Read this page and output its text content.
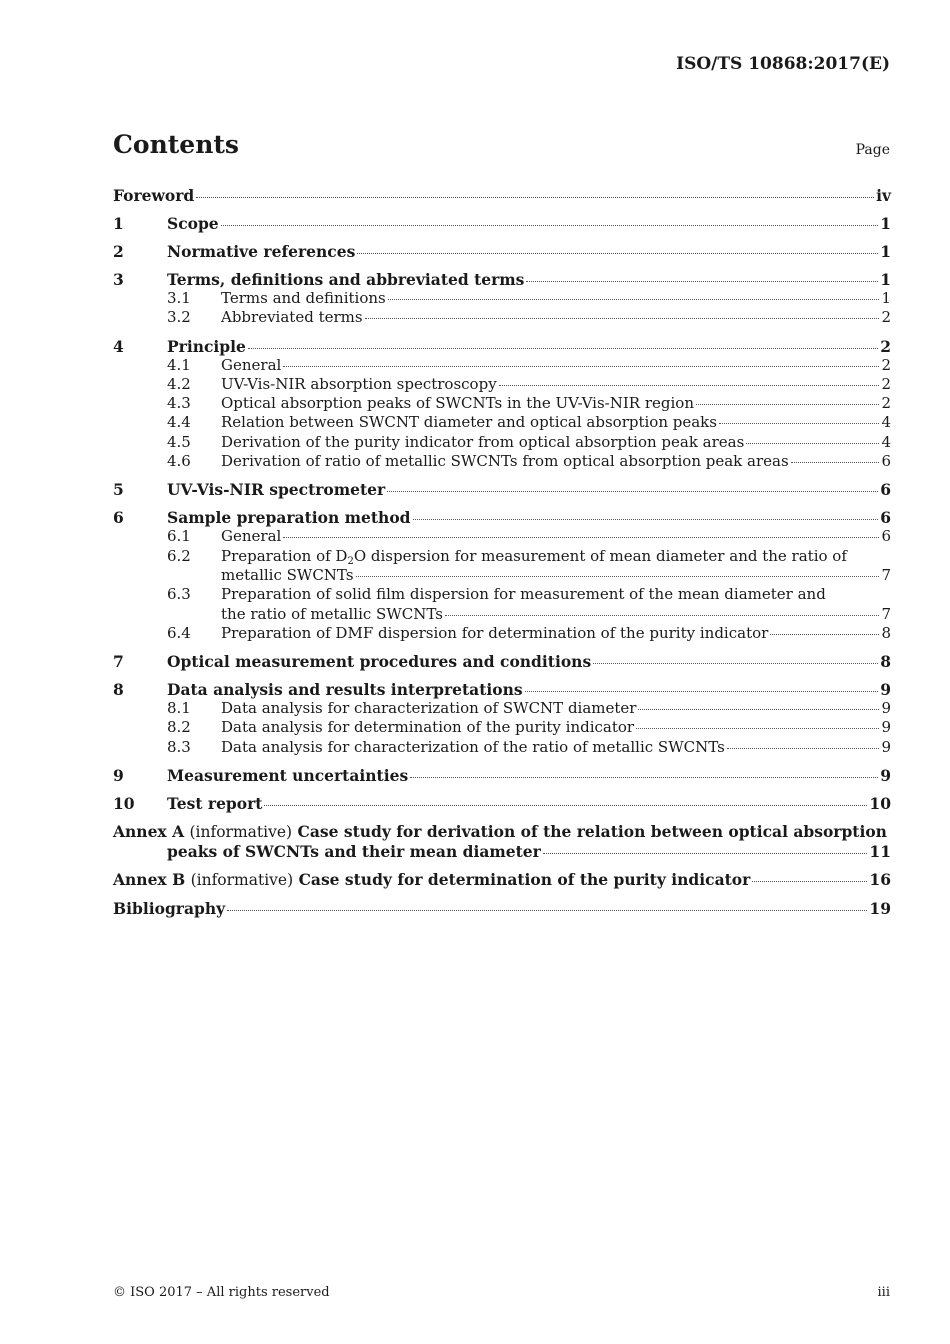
ISO/TS 10868:2017(E)
Contents	Page
Foreword	iv
1	Scope	1
2	Normative references	1
3	Terms, definitions and abbreviated terms	1
3.1	Terms and definitions	1
3.2	Abbreviated terms	2
4	Principle	2
4.1	General	2
4.2	UV-Vis-NIR absorption spectroscopy	2
4.3	Optical absorption peaks of SWCNTs in the UV-Vis-NIR region	2
4.4	Relation between SWCNT diameter and optical absorption peaks	4
4.5	Derivation of the purity indicator from optical absorption peak areas	4
4.6	Derivation of ratio of metallic SWCNTs from optical absorption peak areas	6
5	UV-Vis-NIR spectrometer	6
6	Sample preparation method	6
6.1	General	6
6.2	Preparation of $D_2O$ dispersion for measurement of mean diameter and the ratio of
metallic SWCNTs	7
6.3	Preparation of solid film dispersion for measurement of the mean diameter and
the ratio of metallic SWCNTs	7
6.4	Preparation of DMF dispersion for determination of the purity indicator	8
7	Optical measurement procedures and conditions	8
8	Data analysis and results interpretations	9
8.1	Data analysis for characterization of SWCNT diameter	9
8.2	Data analysis for determination of the purity indicator	9
8.3	Data analysis for characterization of the ratio of metallic SWCNTs	9
9	Measurement uncertainties	9
10	Test report	10
Annex A (informative) Case study for derivation of the relation between optical absorption
peaks of SWCNTs and their mean diameter	11
Annex B (informative) Case study for determination of the purity indicator	16
Bibliography	19
© ISO 2017 – All rights reserved	iii
